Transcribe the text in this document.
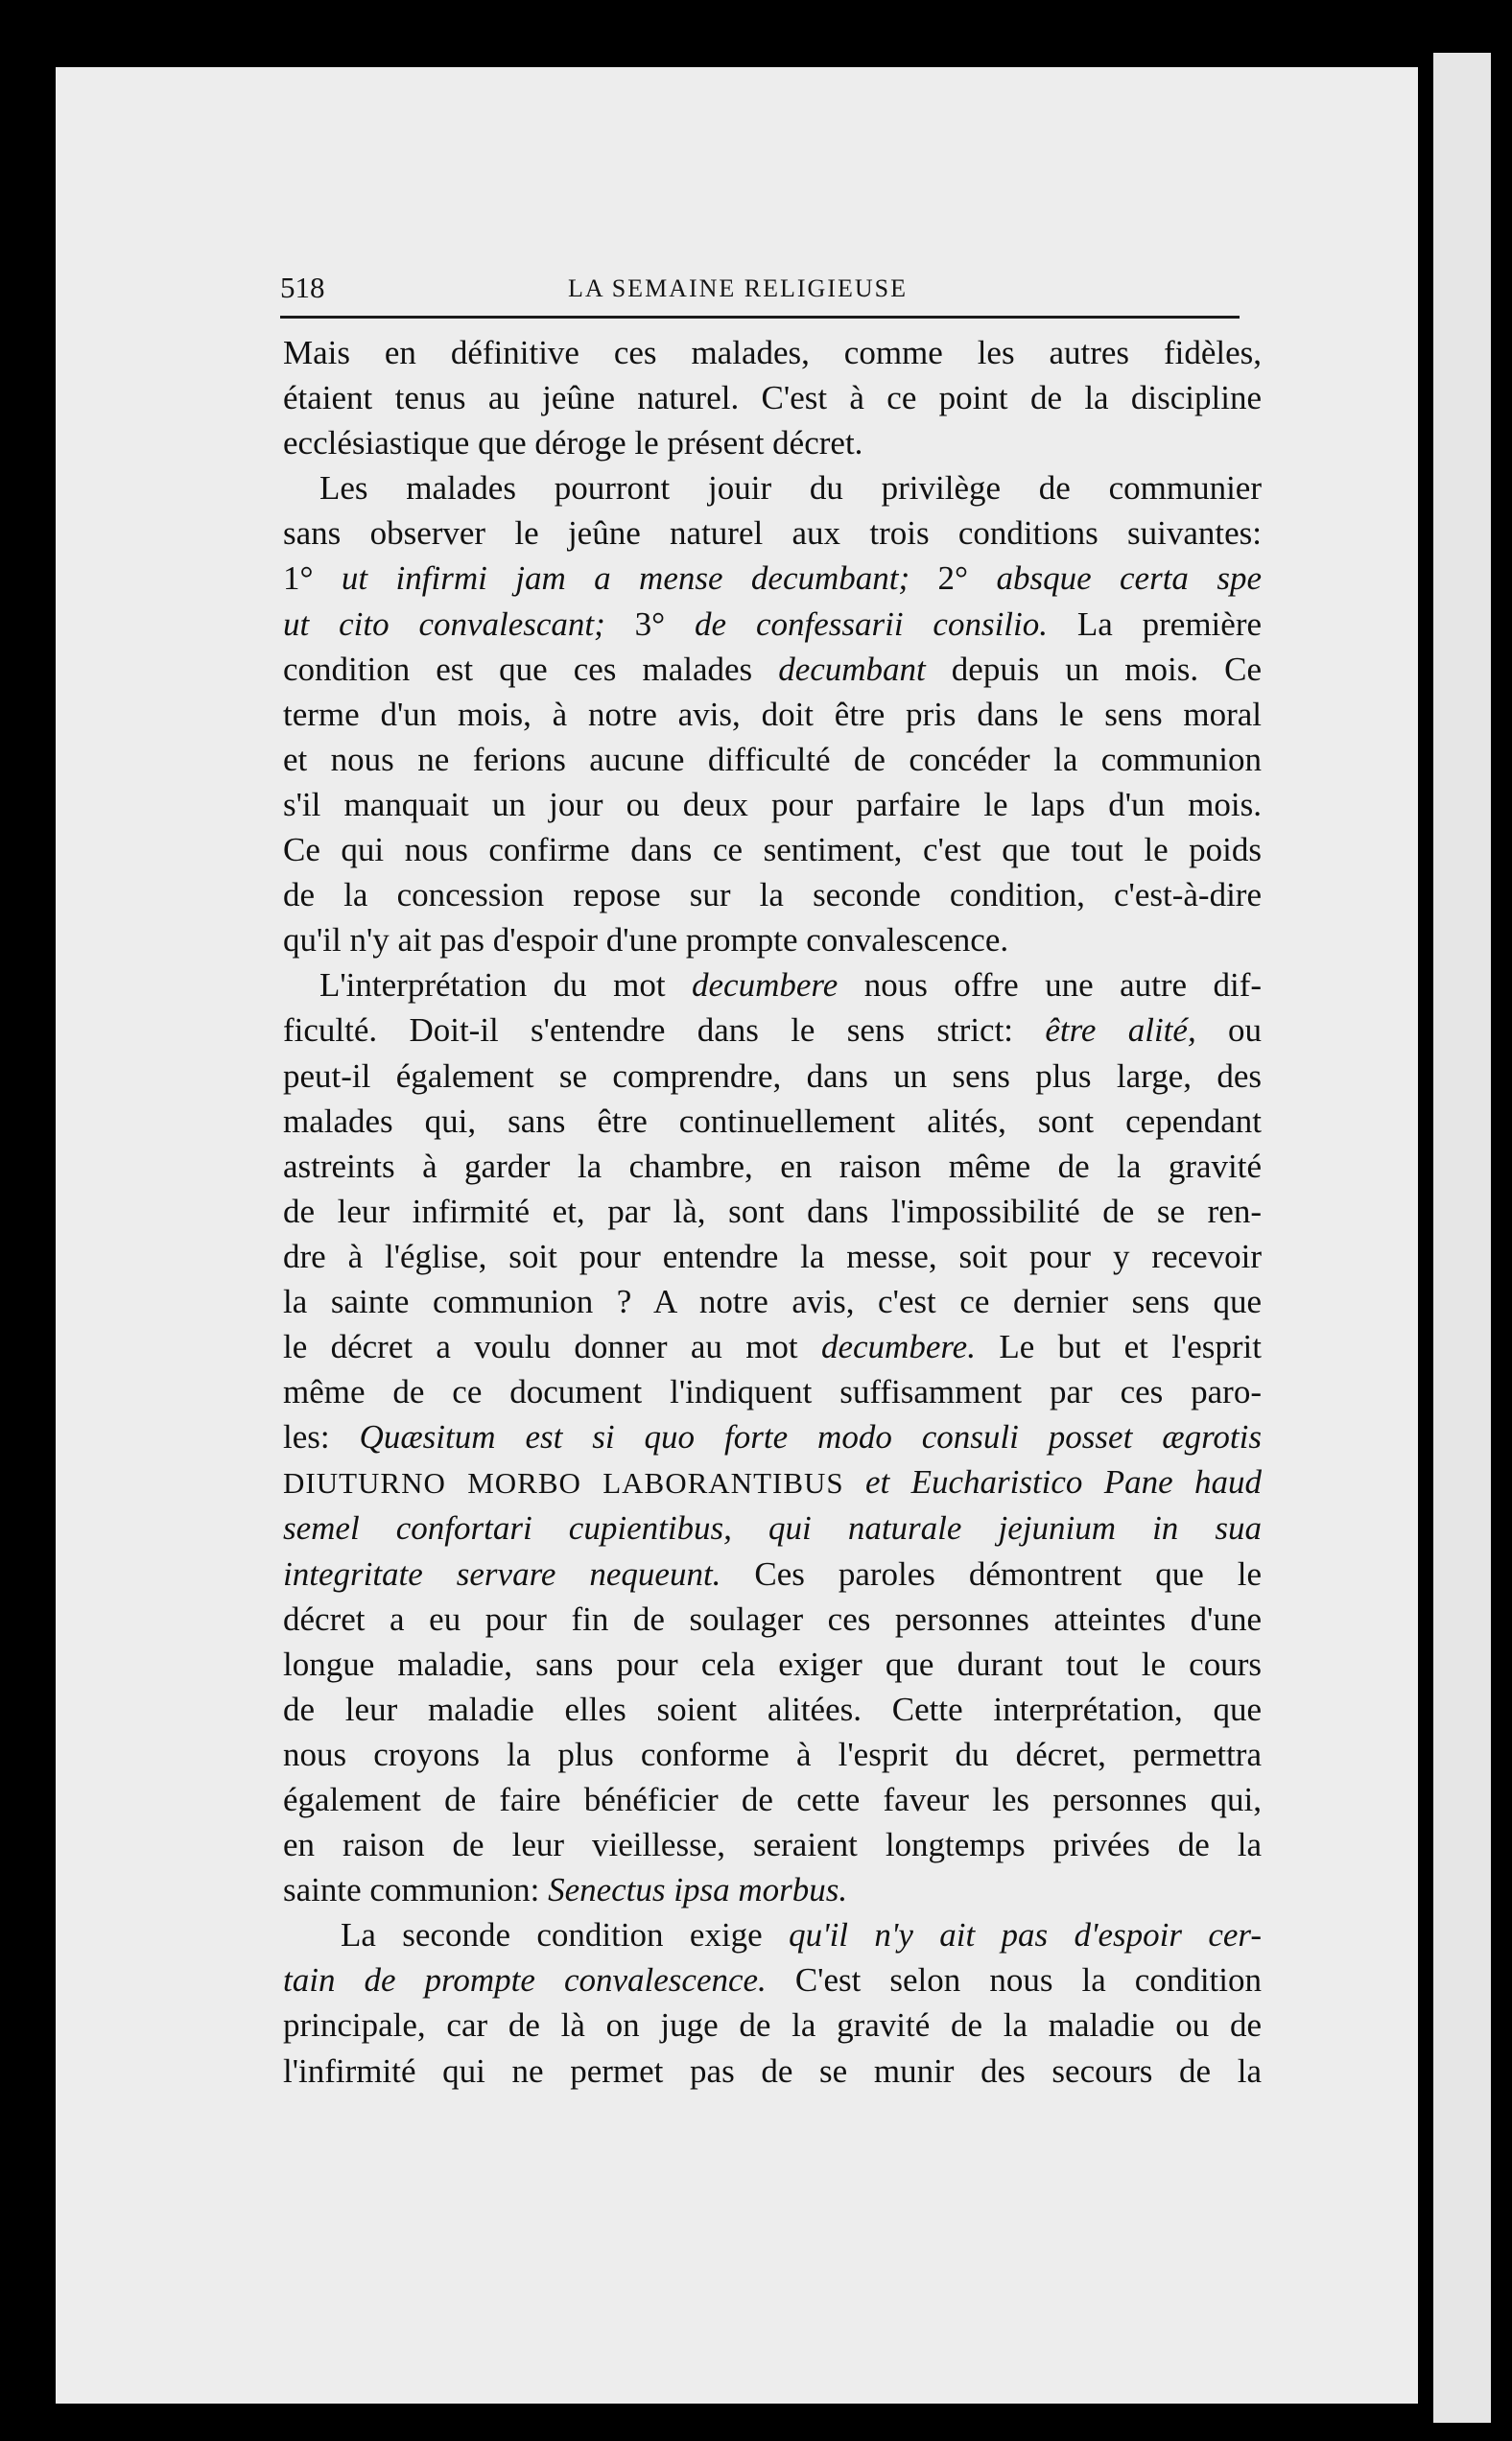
518	LA SEMAINE RELIGIEUSE
Mais en définitive ces malades, comme les autres fidèles,
étaient tenus au jeûne naturel. C'est à ce point de la discipline
ecclésiastique que déroge le présent décret.
Les malades pourront jouir du privilège de communier
sans observer le jeûne naturel aux trois conditions suivantes:
1° ut infirmi jam a mense decumbant; 2° absque certa spe
ut cito convalescant; 3° de confessarii consilio. La première
condition est que ces malades decumbant depuis un mois. Ce
terme d'un mois, à notre avis, doit être pris dans le sens moral
et nous ne ferions aucune difficulté de concéder la communion
s'il manquait un jour ou deux pour parfaire le laps d'un mois.
Ce qui nous confirme dans ce sentiment, c'est que tout le poids
de la concession repose sur la seconde condition, c'est-à-dire
qu'il n'y ait pas d'espoir d'une prompte convalescence.
L'interprétation du mot decumbere nous offre une autre dif-
ficulté. Doit-il s'entendre dans le sens strict: être alité, ou
peut-il également se comprendre, dans un sens plus large, des
malades qui, sans être continuellement alités, sont cependant
astreints à garder la chambre, en raison même de la gravité
de leur infirmité et, par là, sont dans l'impossibilité de se ren-
dre à l'église, soit pour entendre la messe, soit pour y recevoir
la sainte communion ? A notre avis, c'est ce dernier sens que
le décret a voulu donner au mot decumbere. Le but et l'esprit
même de ce document l'indiquent suffisamment par ces paro-
les: Quæsitum est si quo forte modo consuli posset ægrotis
DIUTURNO MORBO LABORANTIBUS et Eucharistico Pane haud
semel confortari cupientibus, qui naturale jejunium in sua
integritate servare nequeunt. Ces paroles démontrent que le
décret a eu pour fin de soulager ces personnes atteintes d'une
longue maladie, sans pour cela exiger que durant tout le cours
de leur maladie elles soient alitées. Cette interprétation, que
nous croyons la plus conforme à l'esprit du décret, permettra
également de faire bénéficier de cette faveur les personnes qui,
en raison de leur vieillesse, seraient longtemps privées de la
sainte communion: Senectus ipsa morbus.
La seconde condition exige qu'il n'y ait pas d'espoir cer-
tain de prompte convalescence. C'est selon nous la condition
principale, car de là on juge de la gravité de la maladie ou de
l'infirmité qui ne permet pas de se munir des secours de la
